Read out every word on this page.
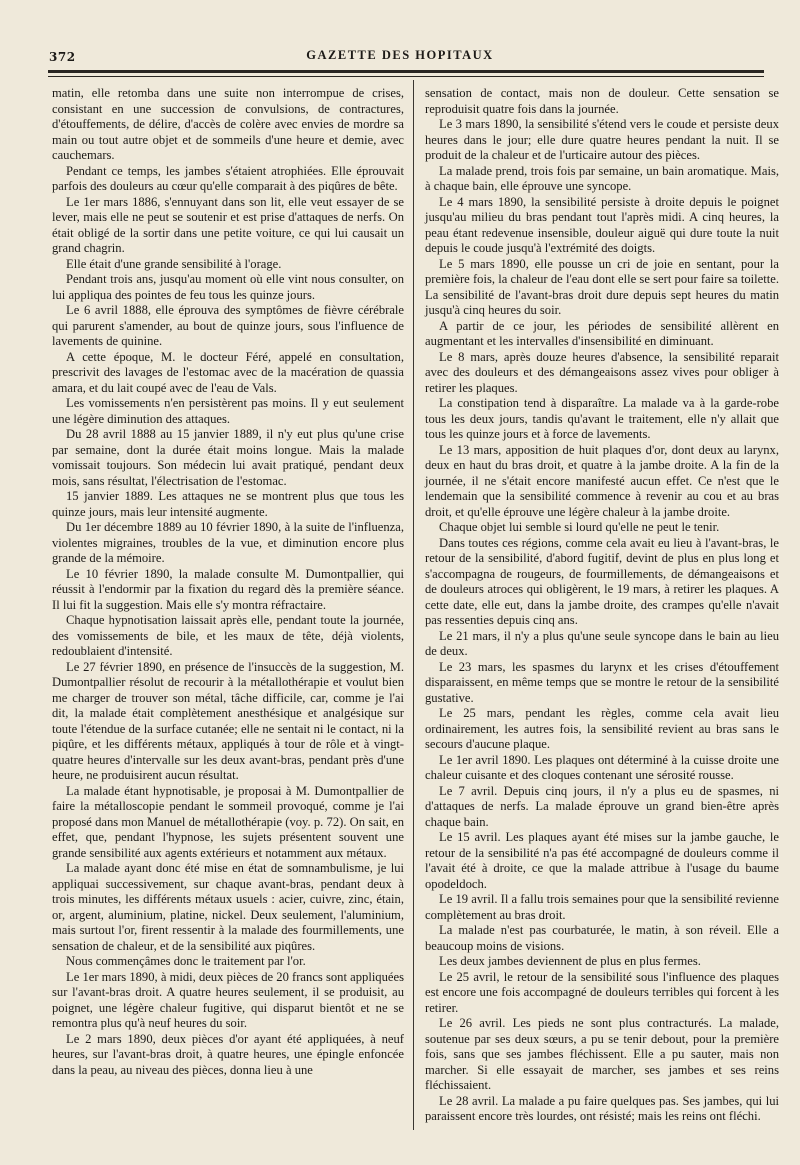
372	GAZETTE DES HOPITAUX

matin, elle retomba dans une suite non interrompue de crises, consistant en une succession de convulsions, de contractures, d'étouffements, de délire, d'accès de colère avec envies de mordre sa main ou tout autre objet et de sommeils d'une heure et demie, avec cauchemars.

Pendant ce temps, les jambes s'étaient atrophiées. Elle éprouvait parfois des douleurs au cœur qu'elle comparait à des piqûres de bête.

Le 1er mars 1886, s'ennuyant dans son lit, elle veut essayer de se lever, mais elle ne peut se soutenir et est prise d'attaques de nerfs. On était obligé de la sortir dans une petite voiture, ce qui lui causait un grand chagrin.

Elle était d'une grande sensibilité à l'orage.

Pendant trois ans, jusqu'au moment où elle vint nous consulter, on lui appliqua des pointes de feu tous les quinze jours.

Le 6 avril 1888, elle éprouva des symptômes de fièvre cérébrale qui parurent s'amender, au bout de quinze jours, sous l'influence de lavements de quinine.

A cette époque, M. le docteur Féré, appelé en consultation, prescrivit des lavages de l'estomac avec de la macération de quassia amara, et du lait coupé avec de l'eau de Vals.

Les vomissements n'en persistèrent pas moins. Il y eut seulement une légère diminution des attaques.

Du 28 avril 1888 au 15 janvier 1889, il n'y eut plus qu'une crise par semaine, dont la durée était moins longue. Mais la malade vomissait toujours. Son médecin lui avait pratiqué, pendant deux mois, sans résultat, l'électrisation de l'estomac.

15 janvier 1889. Les attaques ne se montrent plus que tous les quinze jours, mais leur intensité augmente.

Du 1er décembre 1889 au 10 février 1890, à la suite de l'influenza, violentes migraines, troubles de la vue, et diminution encore plus grande de la mémoire.

Le 10 février 1890, la malade consulte M. Dumontpallier, qui réussit à l'endormir par la fixation du regard dès la première séance. Il lui fit la suggestion. Mais elle s'y montra réfractaire.

Chaque hypnotisation laissait après elle, pendant toute la journée, des vomissements de bile, et les maux de tête, déjà violents, redoublaient d'intensité.

Le 27 février 1890, en présence de l'insuccès de la suggestion, M. Dumontpallier résolut de recourir à la métallothérapie et voulut bien me charger de trouver son métal, tâche difficile, car, comme je l'ai dit, la malade était complètement anesthésique et analgésique sur toute l'étendue de la surface cutanée; elle ne sentait ni le contact, ni la piqûre, et les différents métaux, appliqués à tour de rôle et à vingt-quatre heures d'intervalle sur les deux avant-bras, pendant près d'une heure, ne produisirent aucun résultat.

La malade étant hypnotisable, je proposai à M. Dumontpallier de faire la métalloscopie pendant le sommeil provoqué, comme je l'ai proposé dans mon Manuel de métallothérapie (voy. p. 72). On sait, en effet, que, pendant l'hypnose, les sujets présentent souvent une grande sensibilité aux agents extérieurs et notamment aux métaux.

La malade ayant donc été mise en état de somnambulisme, je lui appliquai successivement, sur chaque avant-bras, pendant deux à trois minutes, les différents métaux usuels : acier, cuivre, zinc, étain, or, argent, aluminium, platine, nickel. Deux seulement, l'aluminium, mais surtout l'or, firent ressentir à la malade des fourmillements, une sensation de chaleur, et de la sensibilité aux piqûres.

Nous commençâmes donc le traitement par l'or.

Le 1er mars 1890, à midi, deux pièces de 20 francs sont appliquées sur l'avant-bras droit. A quatre heures seulement, il se produisit, au poignet, une légère chaleur fugitive, qui disparut bientôt et ne se remontra plus qu'à neuf heures du soir.

Le 2 mars 1890, deux pièces d'or ayant été appliquées, à neuf heures, sur l'avant-bras droit, à quatre heures, une épingle enfoncée dans la peau, au niveau des pièces, donna lieu à une

sensation de contact, mais non de douleur. Cette sensation se reproduisit quatre fois dans la journée.

Le 3 mars 1890, la sensibilité s'étend vers le coude et persiste deux heures dans le jour; elle dure quatre heures pendant la nuit. Il se produit de la chaleur et de l'urticaire autour des pièces.

La malade prend, trois fois par semaine, un bain aromatique. Mais, à chaque bain, elle éprouve une syncope.

Le 4 mars 1890, la sensibilité persiste à droite depuis le poignet jusqu'au milieu du bras pendant tout l'après midi. A cinq heures, la peau étant redevenue insensible, douleur aiguë qui dure toute la nuit depuis le coude jusqu'à l'extrémité des doigts.

Le 5 mars 1890, elle pousse un cri de joie en sentant, pour la première fois, la chaleur de l'eau dont elle se sert pour faire sa toilette. La sensibilité de l'avant-bras droit dure depuis sept heures du matin jusqu'à cinq heures du soir.

A partir de ce jour, les périodes de sensibilité allèrent en augmentant et les intervalles d'insensibilité en diminuant.

Le 8 mars, après douze heures d'absence, la sensibilité reparait avec des douleurs et des démangeaisons assez vives pour obliger à retirer les plaques.

La constipation tend à disparaître. La malade va à la garde-robe tous les deux jours, tandis qu'avant le traitement, elle n'y allait que tous les quinze jours et à force de lavements.

Le 13 mars, apposition de huit plaques d'or, dont deux au larynx, deux en haut du bras droit, et quatre à la jambe droite. A la fin de la journée, il ne s'était encore manifesté aucun effet. Ce n'est que le lendemain que la sensibilité commence à revenir au cou et au bras droit, et qu'elle éprouve une légère chaleur à la jambe droite.

Chaque objet lui semble si lourd qu'elle ne peut le tenir.

Dans toutes ces régions, comme cela avait eu lieu à l'avant-bras, le retour de la sensibilité, d'abord fugitif, devint de plus en plus long et s'accompagna de rougeurs, de fourmillements, de démangeaisons et de douleurs atroces qui obligèrent, le 19 mars, à retirer les plaques. A cette date, elle eut, dans la jambe droite, des crampes qu'elle n'avait pas ressenties depuis cinq ans.

Le 21 mars, il n'y a plus qu'une seule syncope dans le bain au lieu de deux.

Le 23 mars, les spasmes du larynx et les crises d'étouffement disparaissent, en même temps que se montre le retour de la sensibilité gustative.

Le 25 mars, pendant les règles, comme cela avait lieu ordinairement, les autres fois, la sensibilité revient au bras sans le secours d'aucune plaque.

Le 1er avril 1890. Les plaques ont déterminé à la cuisse droite une chaleur cuisante et des cloques contenant une sérosité rousse.

Le 7 avril. Depuis cinq jours, il n'y a plus eu de spasmes, ni d'attaques de nerfs. La malade éprouve un grand bien-être après chaque bain.

Le 15 avril. Les plaques ayant été mises sur la jambe gauche, le retour de la sensibilité n'a pas été accompagné de douleurs comme il l'avait été à droite, ce que la malade attribue à l'usage du baume opodeldoch.

Le 19 avril. Il a fallu trois semaines pour que la sensibilité revienne complètement au bras droit.

La malade n'est pas courbaturée, le matin, à son réveil. Elle a beaucoup moins de visions.

Les deux jambes deviennent de plus en plus fermes.

Le 25 avril, le retour de la sensibilité sous l'influence des plaques est encore une fois accompagné de douleurs terribles qui forcent à les retirer.

Le 26 avril. Les pieds ne sont plus contracturés. La malade, soutenue par ses deux sœurs, a pu se tenir debout, pour la première fois, sans que ses jambes fléchissent. Elle a pu sauter, mais non marcher. Si elle essayait de marcher, ses jambes et ses reins fléchissaient.

Le 28 avril. La malade a pu faire quelques pas. Ses jambes, qui lui paraissent encore très lourdes, ont résisté; mais les reins ont fléchi.
